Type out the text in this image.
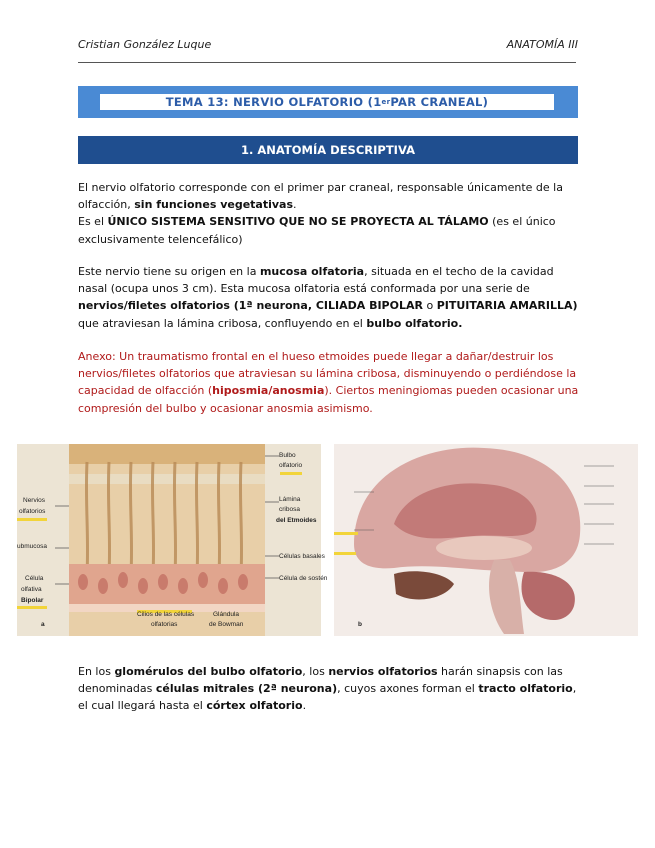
Cristian González Luque	ANATOMÍA III
TEMA 13: NERVIO OLFATORIO (1 er PAR CRANEAL)
1. ANATOMÍA DESCRIPTIVA
El nervio olfatorio corresponde con el primer par craneal, responsable únicamente de la olfacción, sin funciones vegetativas.
Es el ÚNICO SISTEMA SENSITIVO QUE NO SE PROYECTA AL TÁLAMO (es el único exclusivamente telencefálico)
Este nervio tiene su origen en la mucosa olfatoria, situada en el techo de la cavidad nasal (ocupa unos 3 cm). Esta mucosa olfatoria está conformada por una serie de nervios/filetes olfatorios (1ª neurona, CILIADA BIPOLAR o PITUITARIA AMARILLA) que atraviesan la lámina cribosa, confluyendo en el bulbo olfatorio.
Anexo: Un traumatismo frontal en el hueso etmoides puede llegar a dañar/destruir los nervios/filetes olfatorios que atraviesan su lámina cribosa, disminuyendo o perdiéndose la capacidad de olfacción (hiposmia/anosmia). Ciertos meningiomas pueden ocasionar una compresión del bulbo y ocasionar anosmia asimismo.
Bulbo
olfatorio
Nervios
olfatorios
Lámina
cribosa
del Etmoides
ubmucosa
Células basales
Célula de sostén
Célula
olfativa
Bipolar
Cilios de las células
olfatorias
Glándula
de Bowman
a	b
En los glomérulos del bulbo olfatorio, los nervios olfatorios harán sinapsis con las denominadas células mitrales (2ª neurona), cuyos axones forman el tracto olfatorio, el cual llegará hasta el córtex olfatorio.
